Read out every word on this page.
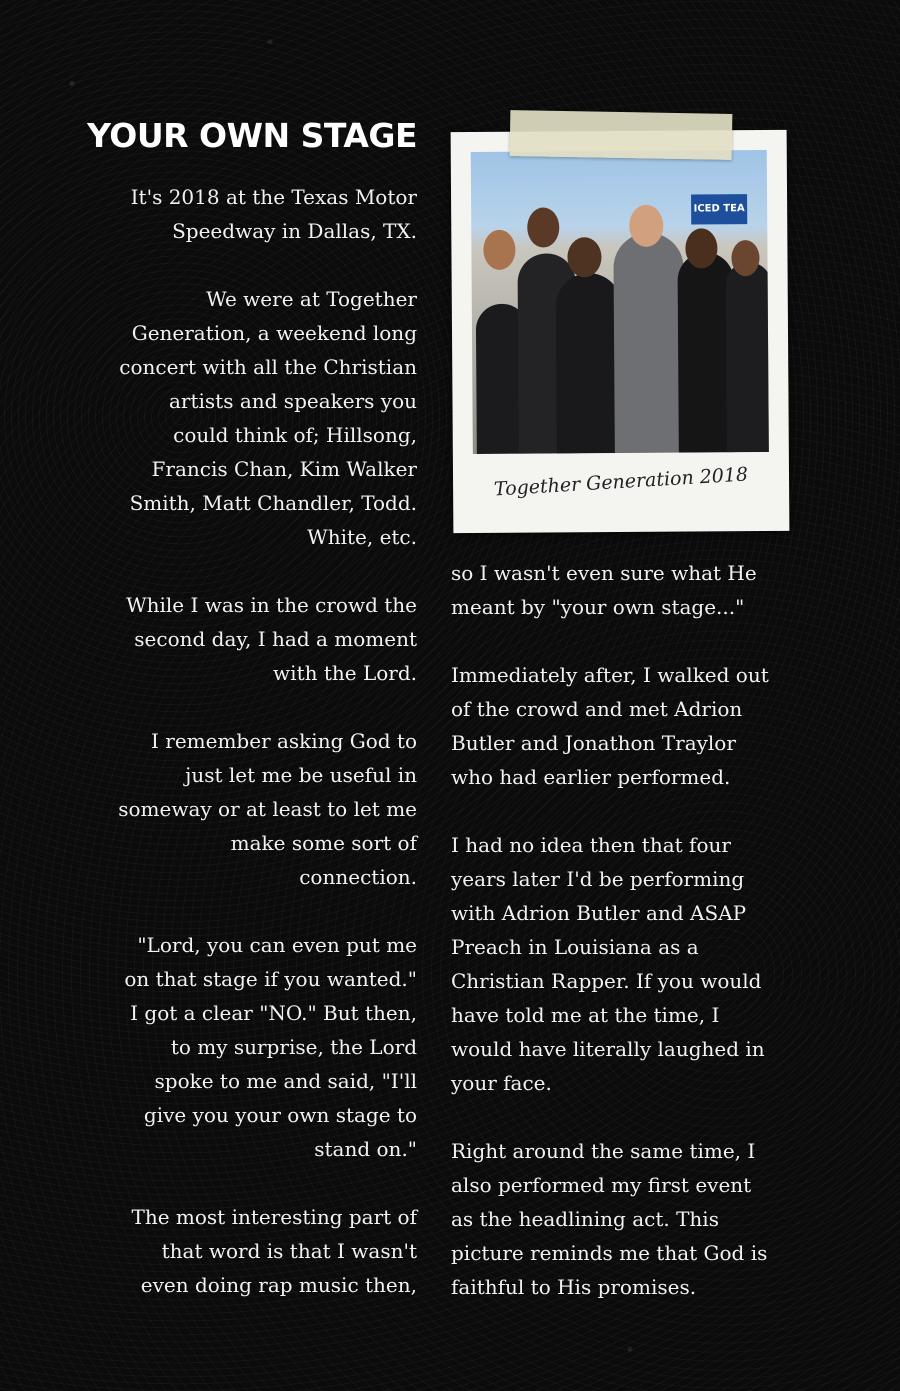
YOUR OWN STAGE

It's 2018 at the Texas Motor
Speedway in Dallas, TX.

We were at Together
Generation, a weekend long
concert with all the Christian
artists and speakers you
could think of; Hillsong,
Francis Chan, Kim Walker
Smith, Matt Chandler, Todd.
White, etc.

While I was in the crowd the
second day, I had a moment
with the Lord.

I remember asking God to
just let me be useful in
someway or at least to let me
make some sort of
connection.

"Lord, you can even put me
on that stage if you wanted."
I got a clear "NO." But then,
to my surprise, the Lord
spoke to me and said, "I'll
give you your own stage to
stand on."

The most interesting part of
that word is that I wasn't
even doing rap music then,

ICED TEA
Together Generation 2018

so I wasn't even sure what He
meant by "your own stage..."

Immediately after, I walked out
of the crowd and met Adrion
Butler and Jonathon Traylor
who had earlier performed.

I had no idea then that four
years later I'd be performing
with Adrion Butler and ASAP
Preach in Louisiana as a
Christian Rapper. If you would
have told me at the time, I
would have literally laughed in
your face.

Right around the same time, I
also performed my first event
as the headlining act. This
picture reminds me that God is
faithful to His promises.
